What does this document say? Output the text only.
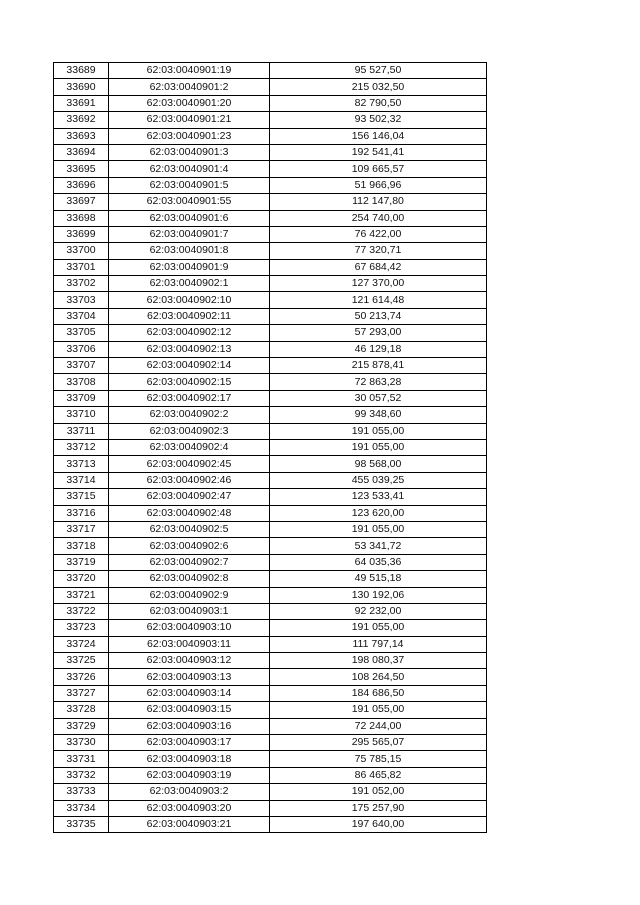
33689	62:03:0040901:19	95 527,50
33690	62:03:0040901:2	215 032,50
33691	62:03:0040901:20	82 790,50
33692	62:03:0040901:21	93 502,32
33693	62:03:0040901:23	156 146,04
33694	62:03:0040901:3	192 541,41
33695	62:03:0040901:4	109 665,57
33696	62:03:0040901:5	51 966,96
33697	62:03:0040901:55	112 147,80
33698	62:03:0040901:6	254 740,00
33699	62:03:0040901:7	76 422,00
33700	62:03:0040901:8	77 320,71
33701	62:03:0040901:9	67 684,42
33702	62:03:0040902:1	127 370,00
33703	62:03:0040902:10	121 614,48
33704	62:03:0040902:11	50 213,74
33705	62:03:0040902:12	57 293,00
33706	62:03:0040902:13	46 129,18
33707	62:03:0040902:14	215 878,41
33708	62:03:0040902:15	72 863,28
33709	62:03:0040902:17	30 057,52
33710	62:03:0040902:2	99 348,60
33711	62:03:0040902:3	191 055,00
33712	62:03:0040902:4	191 055,00
33713	62:03:0040902:45	98 568,00
33714	62:03:0040902:46	455 039,25
33715	62:03:0040902:47	123 533,41
33716	62:03:0040902:48	123 620,00
33717	62:03:0040902:5	191 055,00
33718	62:03:0040902:6	53 341,72
33719	62:03:0040902:7	64 035,36
33720	62:03:0040902:8	49 515,18
33721	62:03:0040902:9	130 192,06
33722	62:03:0040903:1	92 232,00
33723	62:03:0040903:10	191 055,00
33724	62:03:0040903:11	111 797,14
33725	62:03:0040903:12	198 080,37
33726	62:03:0040903:13	108 264,50
33727	62:03:0040903:14	184 686,50
33728	62:03:0040903:15	191 055,00
33729	62:03:0040903:16	72 244,00
33730	62:03:0040903:17	295 565,07
33731	62:03:0040903:18	75 785,15
33732	62:03:0040903:19	86 465,82
33733	62:03:0040903:2	191 052,00
33734	62:03:0040903:20	175 257,90
33735	62:03:0040903:21	197 640,00
